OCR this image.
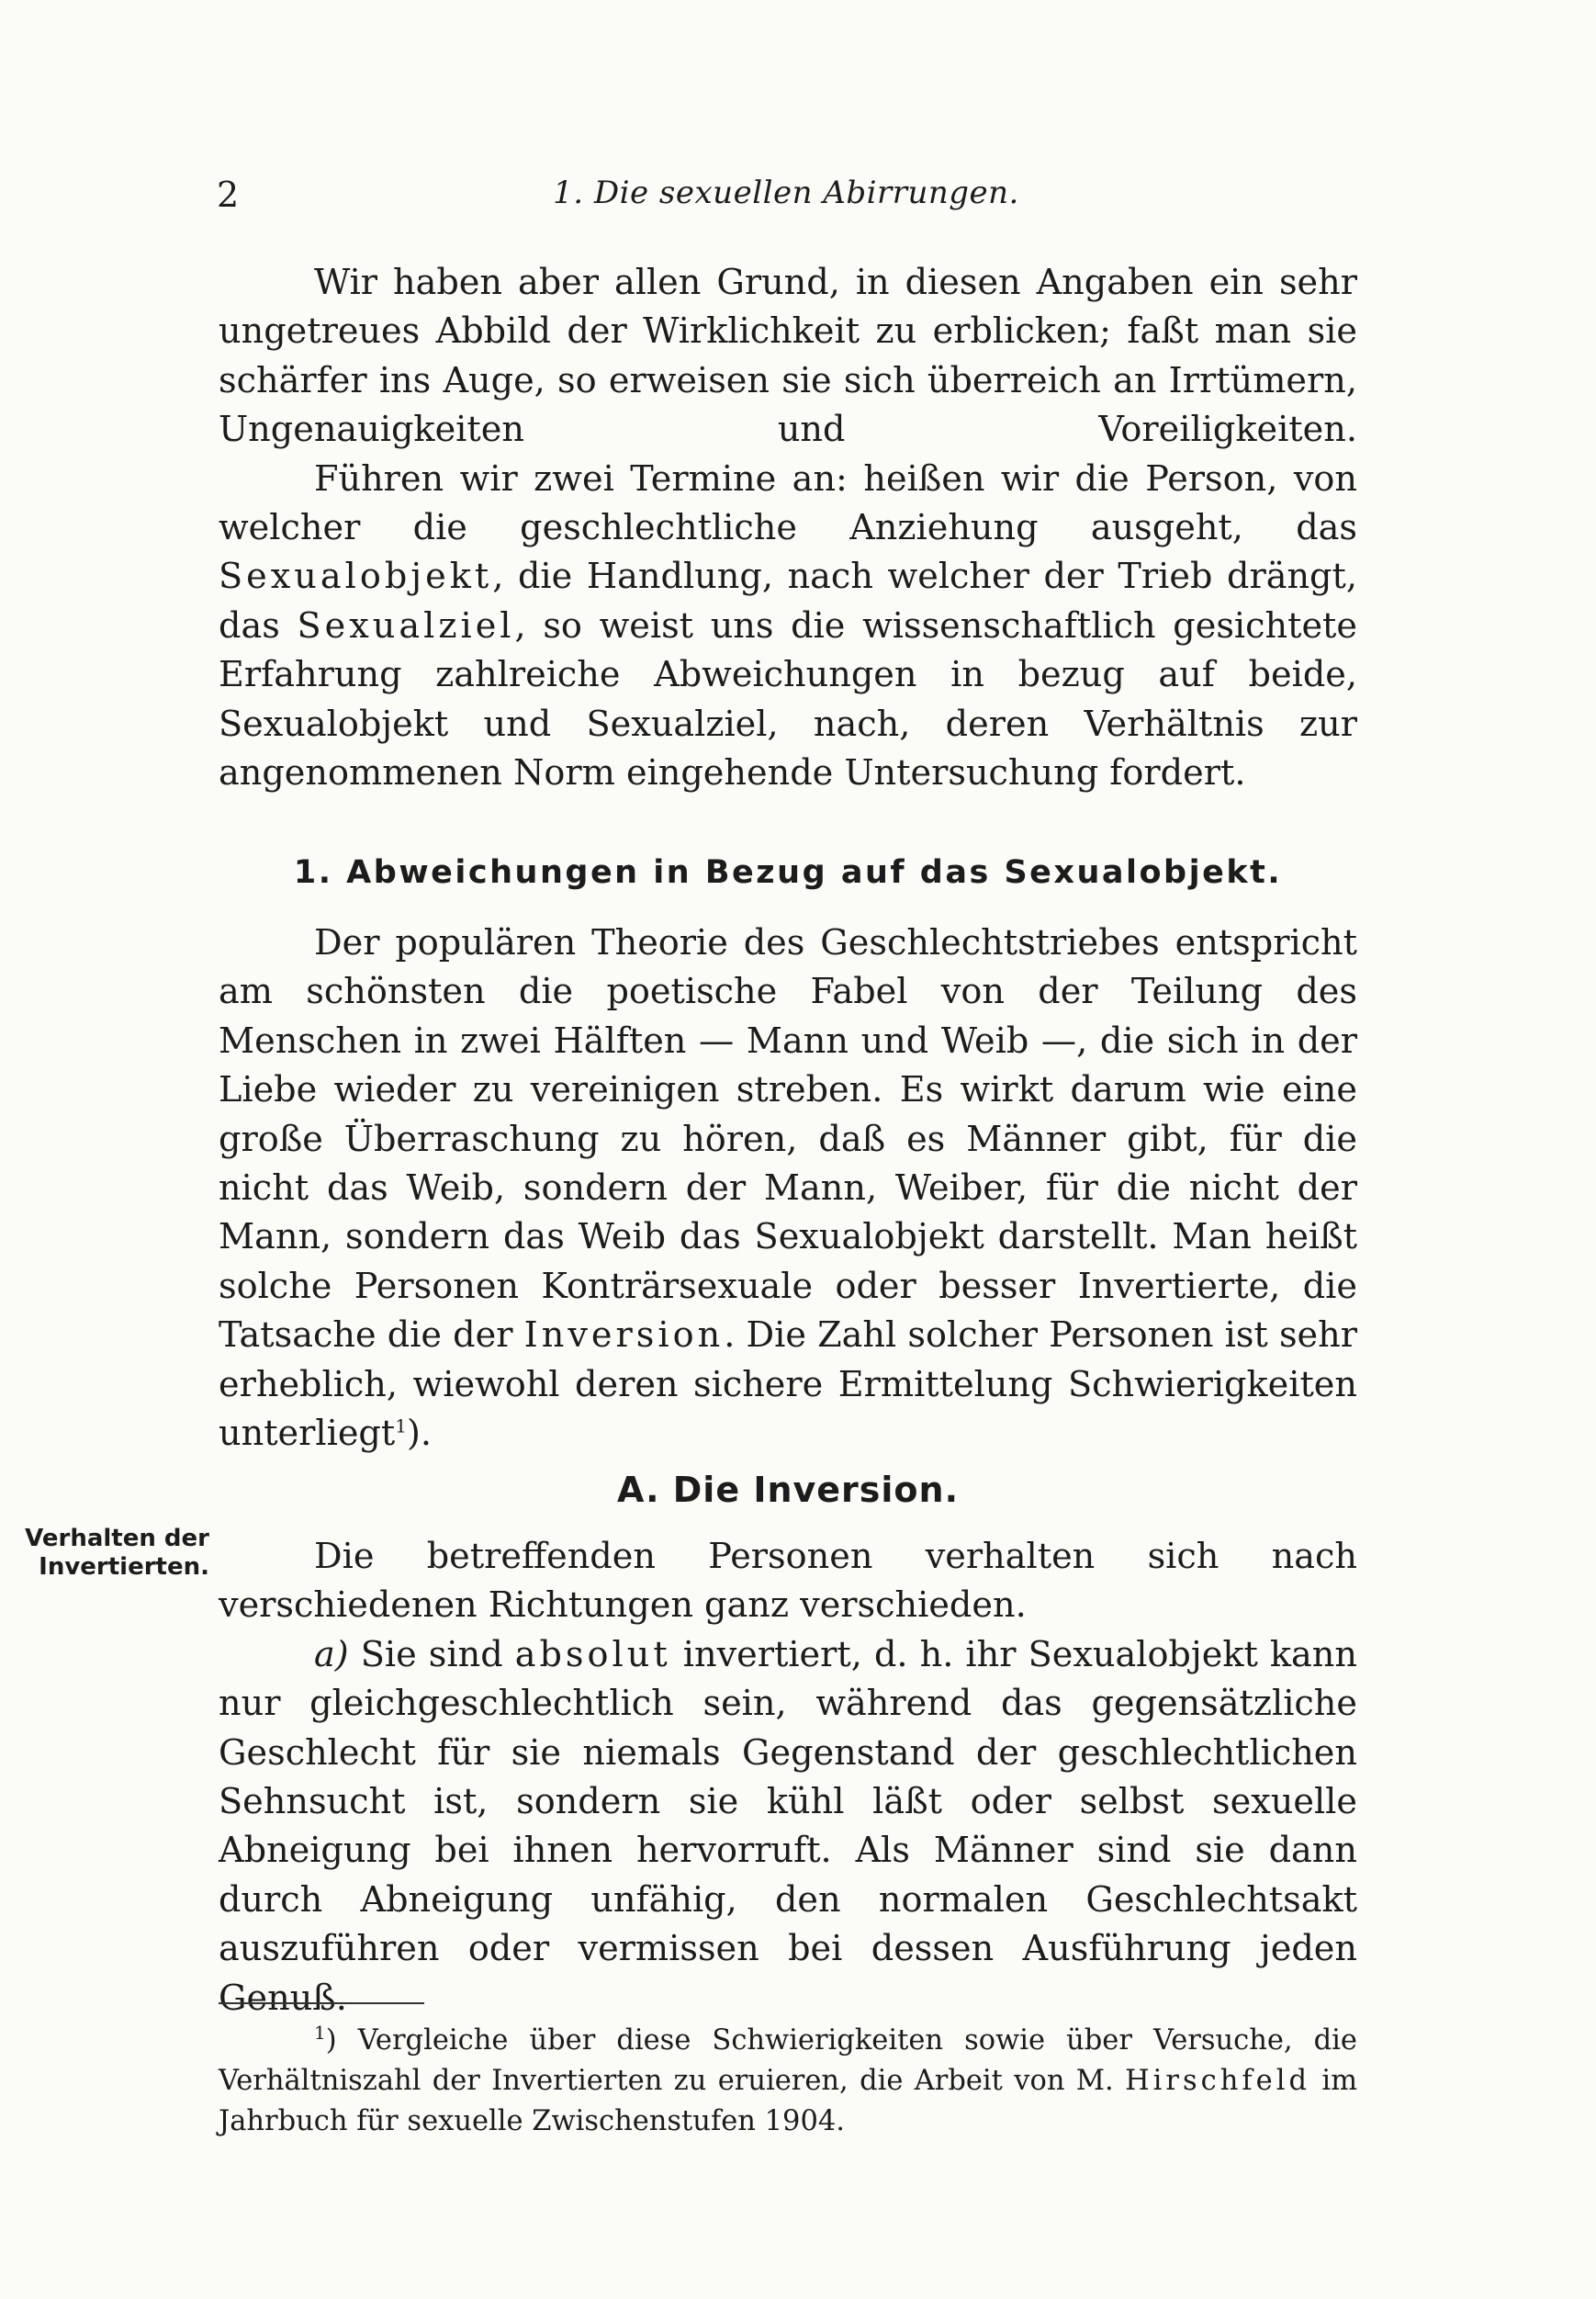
2	1. Die sexuellen Abirrungen.

Wir haben aber allen Grund, in diesen Angaben ein sehr ungetreues Abbild der Wirklichkeit zu erblicken; faßt man sie schärfer ins Auge, so erweisen sie sich überreich an Irrtümern, Ungenauigkeiten und Voreiligkeiten.

Führen wir zwei Termine an: heißen wir die Person, von welcher die geschlechtliche Anziehung ausgeht, das Sexualobjekt, die Handlung, nach welcher der Trieb drängt, das Sexualziel, so weist uns die wissenschaftlich gesichtete Erfahrung zahlreiche Abweichungen in bezug auf beide, Sexualobjekt und Sexualziel, nach, deren Verhältnis zur angenommenen Norm eingehende Untersuchung fordert.

1. Abweichungen in Bezug auf das Sexualobjekt.

Der populären Theorie des Geschlechtstriebes entspricht am schönsten die poetische Fabel von der Teilung des Menschen in zwei Hälften — Mann und Weib —, die sich in der Liebe wieder zu vereinigen streben. Es wirkt darum wie eine große Überraschung zu hören, daß es Männer gibt, für die nicht das Weib, sondern der Mann, Weiber, für die nicht der Mann, sondern das Weib das Sexualobjekt darstellt. Man heißt solche Personen Konträrsexuale oder besser Invertierte, die Tatsache die der Inversion. Die Zahl solcher Personen ist sehr erheblich, wiewohl deren sichere Ermittelung Schwierigkeiten unterliegt$^1$).

A. Die Inversion.
Verhalten der Invertierten.	Die betreffenden Personen verhalten sich nach verschiedenen Richtungen ganz verschieden.

a) Sie sind absolut invertiert, d. h. ihr Sexualobjekt kann nur gleichgeschlechtlich sein, während das gegensätzliche Geschlecht für sie niemals Gegenstand der geschlechtlichen Sehnsucht ist, sondern sie kühl läßt oder selbst sexuelle Abneigung bei ihnen hervorruft. Als Männer sind sie dann durch Abneigung unfähig, den normalen Geschlechtsakt auszuführen oder vermissen bei dessen Ausführung jeden Genuß.

$^1$) Vergleiche über diese Schwierigkeiten sowie über Versuche, die Verhältniszahl der Invertierten zu eruieren, die Arbeit von M. Hirschfeld im Jahrbuch für sexuelle Zwischenstufen 1904.
